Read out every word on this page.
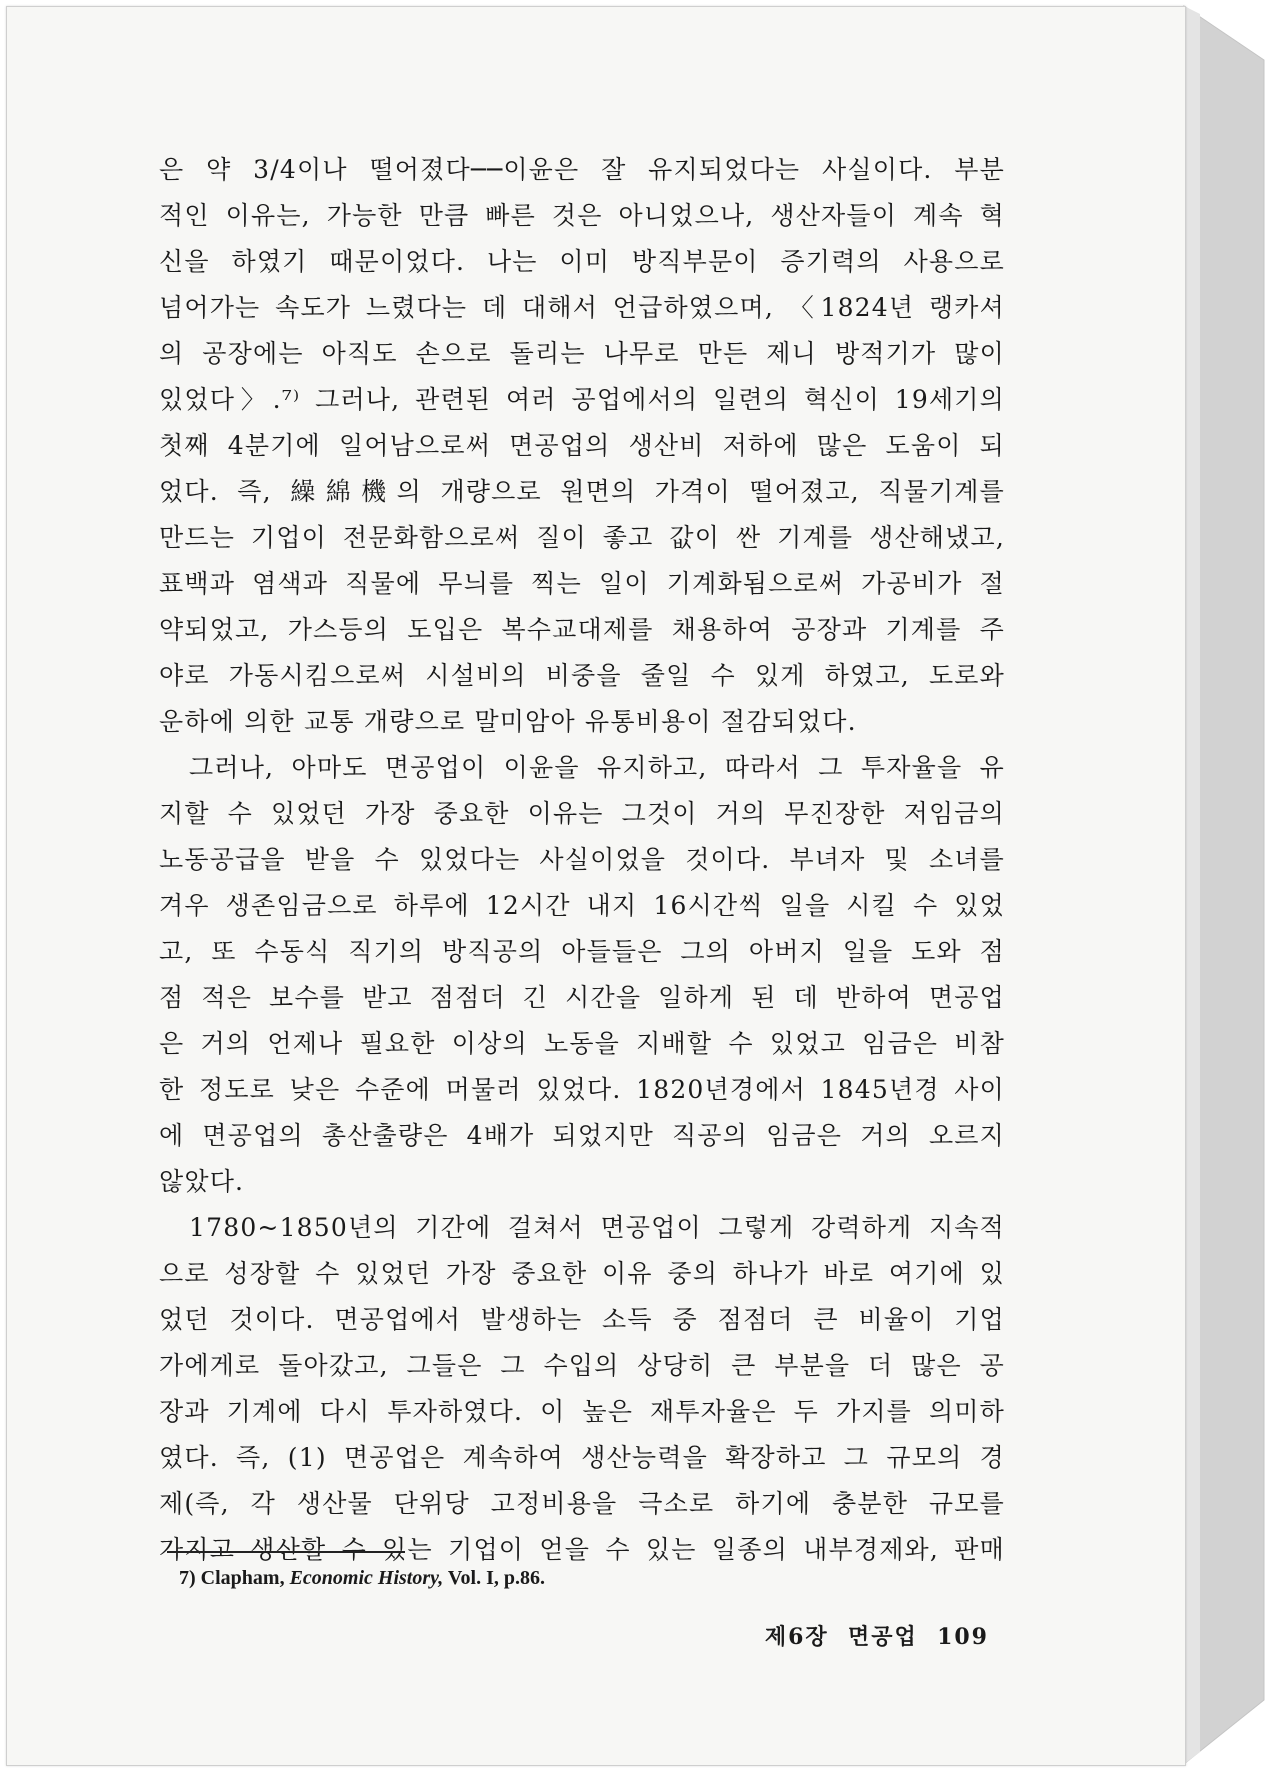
은 약 3/4이나 떨어졌다──이윤은 잘 유지되었다는 사실이다. 부분
적인 이유는, 가능한 만큼 빠른 것은 아니었으나, 생산자들이 계속 혁
신을 하였기 때문이었다. 나는 이미 방직부문이 증기력의 사용으로
넘어가는 속도가 느렸다는 데 대해서 언급하였으며, 〈1824년 랭카셔
의 공장에는 아직도 손으로 돌리는 나무로 만든 제니 방적기가 많이
있었다〉.⁷⁾ 그러나, 관련된 여러 공업에서의 일련의 혁신이 19세기의
첫째 4분기에 일어남으로써 면공업의 생산비 저하에 많은 도움이 되
었다. 즉, 繰綿機의 개량으로 원면의 가격이 떨어졌고, 직물기계를
만드는 기업이 전문화함으로써 질이 좋고 값이 싼 기계를 생산해냈고,
표백과 염색과 직물에 무늬를 찍는 일이 기계화됨으로써 가공비가 절
약되었고, 가스등의 도입은 복수교대제를 채용하여 공장과 기계를 주
야로 가동시킴으로써 시설비의 비중을 줄일 수 있게 하였고, 도로와
운하에 의한 교통 개량으로 말미암아 유통비용이 절감되었다.
그러나, 아마도 면공업이 이윤을 유지하고, 따라서 그 투자율을 유
지할 수 있었던 가장 중요한 이유는 그것이 거의 무진장한 저임금의
노동공급을 받을 수 있었다는 사실이었을 것이다. 부녀자 및 소녀를
겨우 생존임금으로 하루에 12시간 내지 16시간씩 일을 시킬 수 있었
고, 또 수동식 직기의 방직공의 아들들은 그의 아버지 일을 도와 점
점 적은 보수를 받고 점점더 긴 시간을 일하게 된 데 반하여 면공업
은 거의 언제나 필요한 이상의 노동을 지배할 수 있었고 임금은 비참
한 정도로 낮은 수준에 머물러 있었다. 1820년경에서 1845년경 사이
에 면공업의 총산출량은 4배가 되었지만 직공의 임금은 거의 오르지
않았다.
1780~1850년의 기간에 걸쳐서 면공업이 그렇게 강력하게 지속적
으로 성장할 수 있었던 가장 중요한 이유 중의 하나가 바로 여기에 있
었던 것이다. 면공업에서 발생하는 소득 중 점점더 큰 비율이 기업
가에게로 돌아갔고, 그들은 그 수입의 상당히 큰 부분을 더 많은 공
장과 기계에 다시 투자하였다. 이 높은 재투자율은 두 가지를 의미하
였다. 즉, (1) 면공업은 계속하여 생산능력을 확장하고 그 규모의 경
제(즉, 각 생산물 단위당 고정비용을 극소로 하기에 충분한 규모를
가지고 생산할 수 있는 기업이 얻을 수 있는 일종의 내부경제와, 판매
7) Clapham, Economic History, Vol. I, p.86.
제6장 면공업 109
